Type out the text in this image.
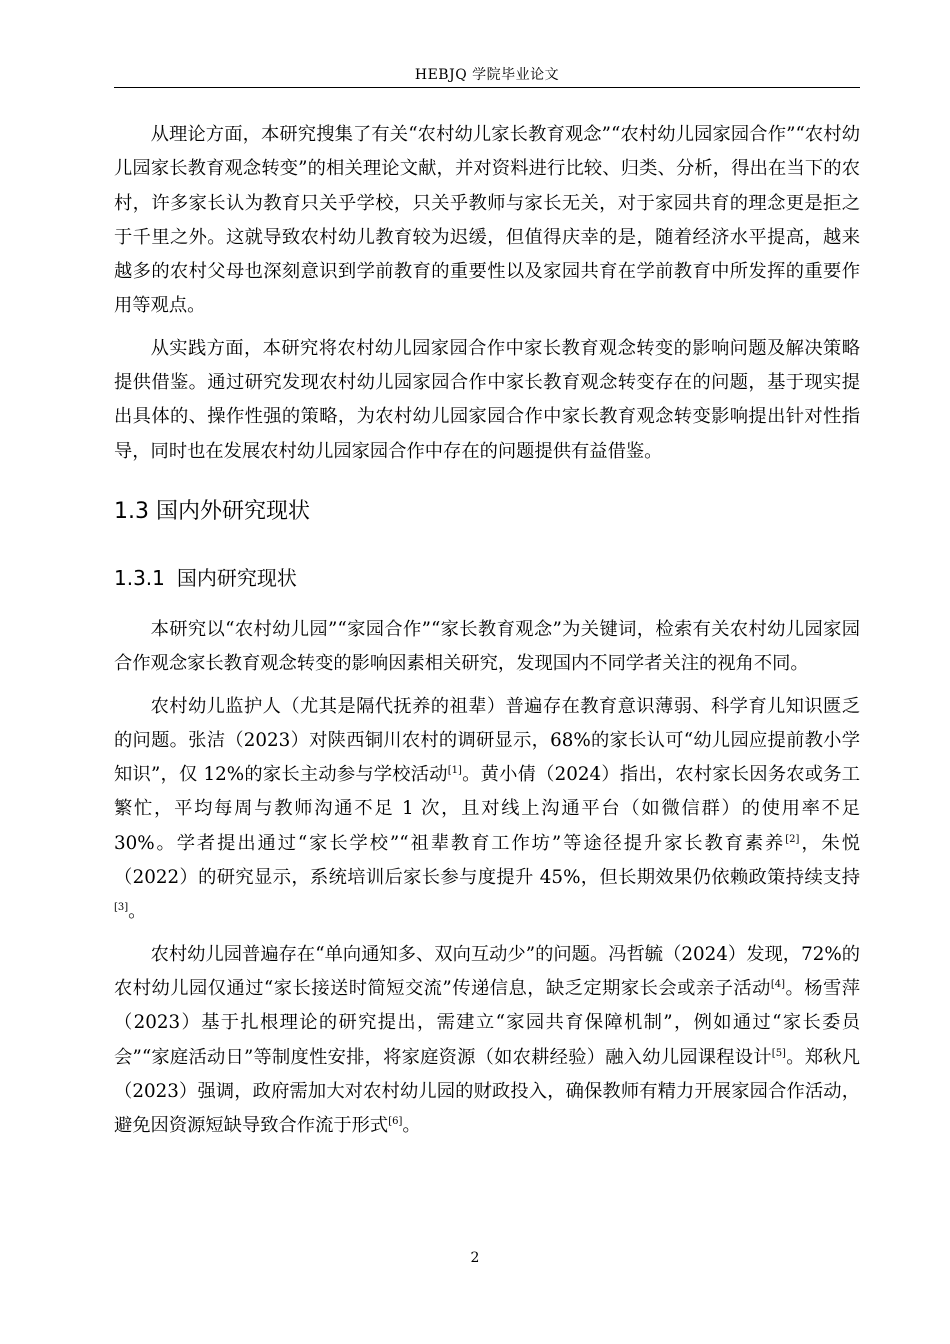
HEBJQ 学院毕业论文

从理论方面，本研究搜集了有关“农村幼儿家长教育观念”“农村幼儿园家园合作”“农村幼儿园家长教育观念转变”的相关理论文献，并对资料进行比较、归类、分析，得出在当下的农村，许多家长认为教育只关乎学校，只关乎教师与家长无关，对于家园共育的理念更是拒之于千里之外。这就导致农村幼儿教育较为迟缓，但值得庆幸的是，随着经济水平提高，越来越多的农村父母也深刻意识到学前教育的重要性以及家园共育在学前教育中所发挥的重要作用等观点。

从实践方面，本研究将农村幼儿园家园合作中家长教育观念转变的影响问题及解决策略提供借鉴。通过研究发现农村幼儿园家园合作中家长教育观念转变存在的问题，基于现实提出具体的、操作性强的策略，为农村幼儿园家园合作中家长教育观念转变影响提出针对性指导，同时也在发展农村幼儿园家园合作中存在的问题提供有益借鉴。

1.3 国内外研究现状
1.3.1 国内研究现状

本研究以“农村幼儿园”“家园合作”“家长教育观念”为关键词，检索有关农村幼儿园家园合作观念家长教育观念转变的影响因素相关研究，发现国内不同学者关注的视角不同。

农村幼儿监护人（尤其是隔代抚养的祖辈）普遍存在教育意识薄弱、科学育儿知识匮乏的问题。张洁（2023）对陕西铜川农村的调研显示，68%的家长认可“幼儿园应提前教小学知识”，仅 12%的家长主动参与学校活动[1]。黄小倩（2024）指出，农村家长因务农或务工繁忙，平均每周与教师沟通不足 1 次，且对线上沟通平台（如微信群）的使用率不足 30%。学者提出通过“家长学校”“祖辈教育工作坊”等途径提升家长教育素养[2]，朱悦（2022）的研究显示，系统培训后家长参与度提升 45%，但长期效果仍依赖政策持续支持[3]。

农村幼儿园普遍存在“单向通知多、双向互动少”的问题。冯哲毓（2024）发现，72%的农村幼儿园仅通过“家长接送时简短交流”传递信息，缺乏定期家长会或亲子活动[4]。杨雪萍（2023）基于扎根理论的研究提出，需建立“家园共育保障机制”，例如通过“家长委员会”“家庭活动日”等制度性安排，将家庭资源（如农耕经验）融入幼儿园课程设计[5]。郑秋凡（2023）强调，政府需加大对农村幼儿园的财政投入，确保教师有精力开展家园合作活动，避免因资源短缺导致合作流于形式[6]。

2
